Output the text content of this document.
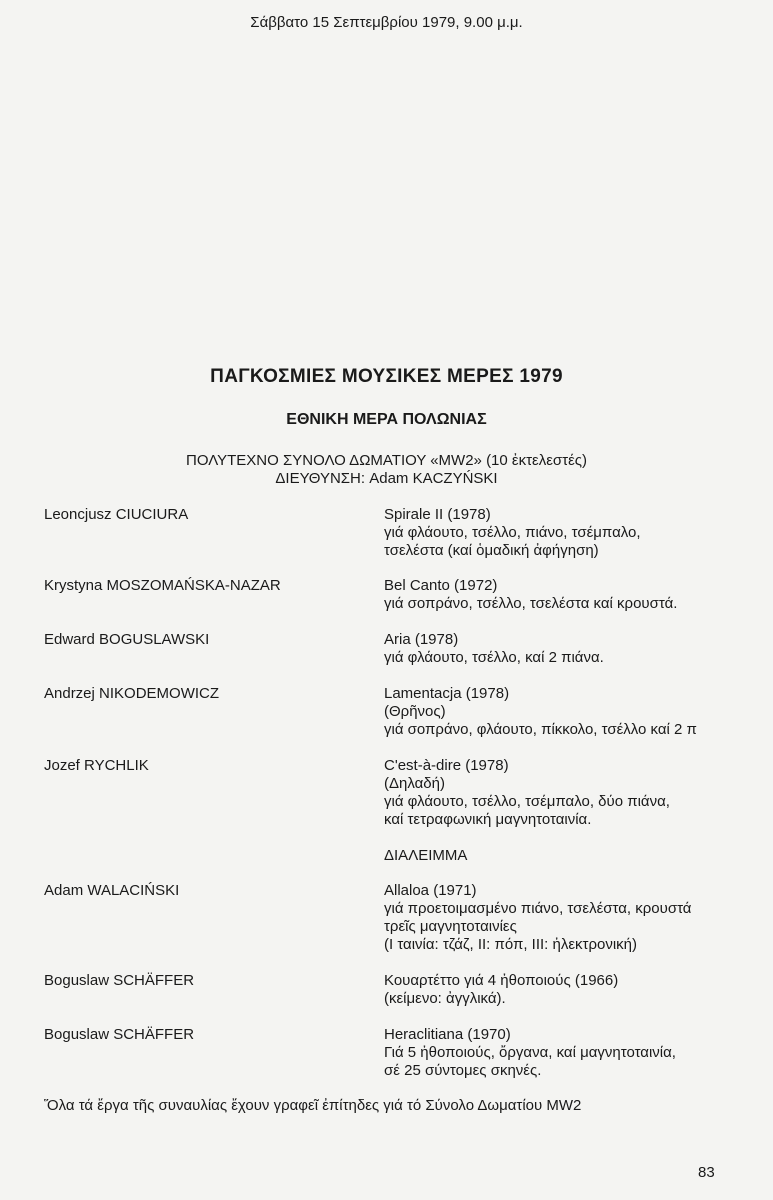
Σάββατο 15 Σεπτεμβρίου 1979, 9.00 μ.μ.
ΠΑΓΚΟΣΜΙΕΣ ΜΟΥΣΙΚΕΣ ΜΕΡΕΣ 1979
ΕΘΝΙΚΗ ΜΕΡΑ ΠΟΛΩΝΙΑΣ
ΠΟΛΥΤΕΧΝΟ ΣΥΝΟΛΟ ΔΩΜΑΤΙΟΥ «MW2» (10 ἐκτελεστές)
ΔΙΕΥΘΥΝΣΗ: Adam KACZYŃSKI
Leoncjusz CIUCIURA	Spirale II (1978)
γιά φλάουτο, τσέλλο, πιάνο, τσέμπαλο,
τσελέστα (καί ὁμαδική ἀφήγηση)
Krystyna MOSZOMAŃSKA-NAZAR	Bel Canto (1972)
γιά σοπράνο, τσέλλο, τσελέστα καί κρουστά.
Edward BOGUSLAWSKI	Aria (1978)
γιά φλάουτο, τσέλλο, καί 2 πιάνα.
Andrzej NIKODEMOWICZ	Lamentacja (1978)
(Θρῆνος)
γιά σοπράνο, φλάουτο, πίκκολο, τσέλλο καί 2 π
Jozef RYCHLIK	C'est-à-dire (1978)
(Δηλαδή)
γιά φλάουτο, τσέλλο, τσέμπαλο, δύο πιάνα,
καί τετραφωνική μαγνητοταινία.
ΔΙΑΛΕΙΜΜΑ
Adam WALACIŃSKI	Allaloa (1971)
γιά προετοιμασμένο πιάνο, τσελέστα, κρουστά
τρεῖς μαγνητοταινίες
(Ι ταινία: τζάζ, II: πόπ, III: ἠλεκτρονική)
Boguslaw SCHÄFFER	Κουαρτέττο γιά 4 ἠθοποιούς (1966)
(κείμενο: ἀγγλικά).
Boguslaw SCHÄFFER	Heraclitiana (1970)
Γιά 5 ἠθοποιούς, ὄργανα, καί μαγνητοταινία,
σέ 25 σύντομες σκηνές.
Ὅλα τά ἔργα τῆς συναυλίας ἔχουν γραφεῖ ἐπίτηδες γιά τό Σύνολο Δωματίου MW2
83
